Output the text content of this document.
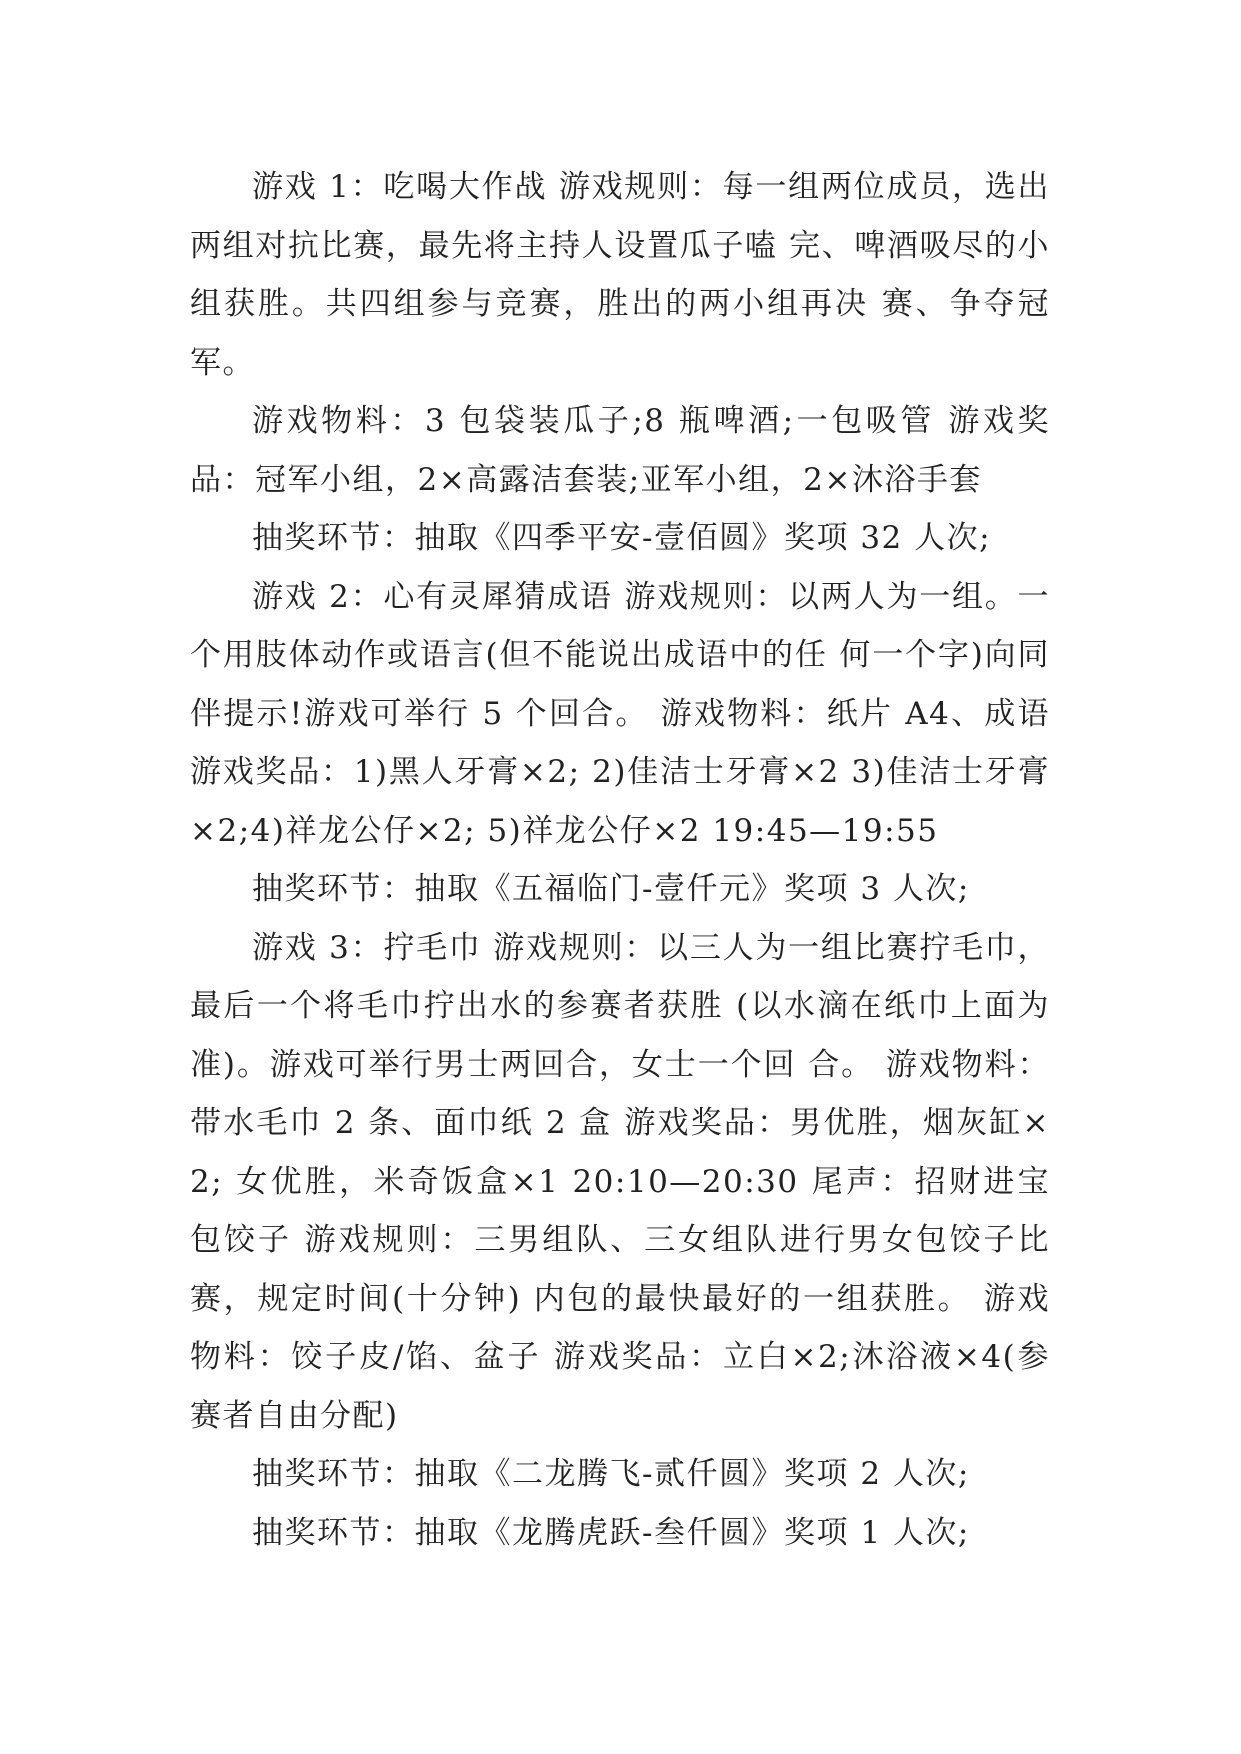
游戏 1：吃喝大作战 游戏规则：每一组两位成员，选出两组对抗比赛，最先将主持人设置瓜子嗑 完、啤酒吸尽的小组获胜。共四组参与竞赛，胜出的两小组再决 赛、争夺冠军。

游戏物料：3 包袋装瓜子;8 瓶啤酒;一包吸管 游戏奖品：冠军小组，2×高露洁套装;亚军小组，2×沐浴手套

抽奖环节：抽取《四季平安-壹佰圆》奖项 32 人次;

游戏 2：心有灵犀猜成语 游戏规则：以两人为一组。一个用肢体动作或语言(但不能说出成语中的任 何一个字)向同伴提示!游戏可举行 5 个回合。 游戏物料：纸片 A4、成语 游戏奖品：1)黑人牙膏×2; 2)佳洁士牙膏×2 3)佳洁士牙膏×2;4)祥龙公仔×2; 5)祥龙公仔×2 19:45—19:55

抽奖环节：抽取《五福临门-壹仟元》奖项 3 人次;

游戏 3：拧毛巾 游戏规则：以三人为一组比赛拧毛巾，最后一个将毛巾拧出水的参赛者获胜 (以水滴在纸巾上面为准)。游戏可举行男士两回合，女士一个回 合。 游戏物料：带水毛巾 2 条、面巾纸 2 盒 游戏奖品：男优胜，烟灰缸×2; 女优胜，米奇饭盒×1 20:10—20:30 尾声：招财进宝包饺子 游戏规则：三男组队、三女组队进行男女包饺子比赛，规定时间(十分钟) 内包的最快最好的一组获胜。 游戏物料：饺子皮/馅、盆子 游戏奖品：立白×2;沐浴液×4(参赛者自由分配)

抽奖环节：抽取《二龙腾飞-贰仟圆》奖项 2 人次;

抽奖环节：抽取《龙腾虎跃-叁仟圆》奖项 1 人次;
